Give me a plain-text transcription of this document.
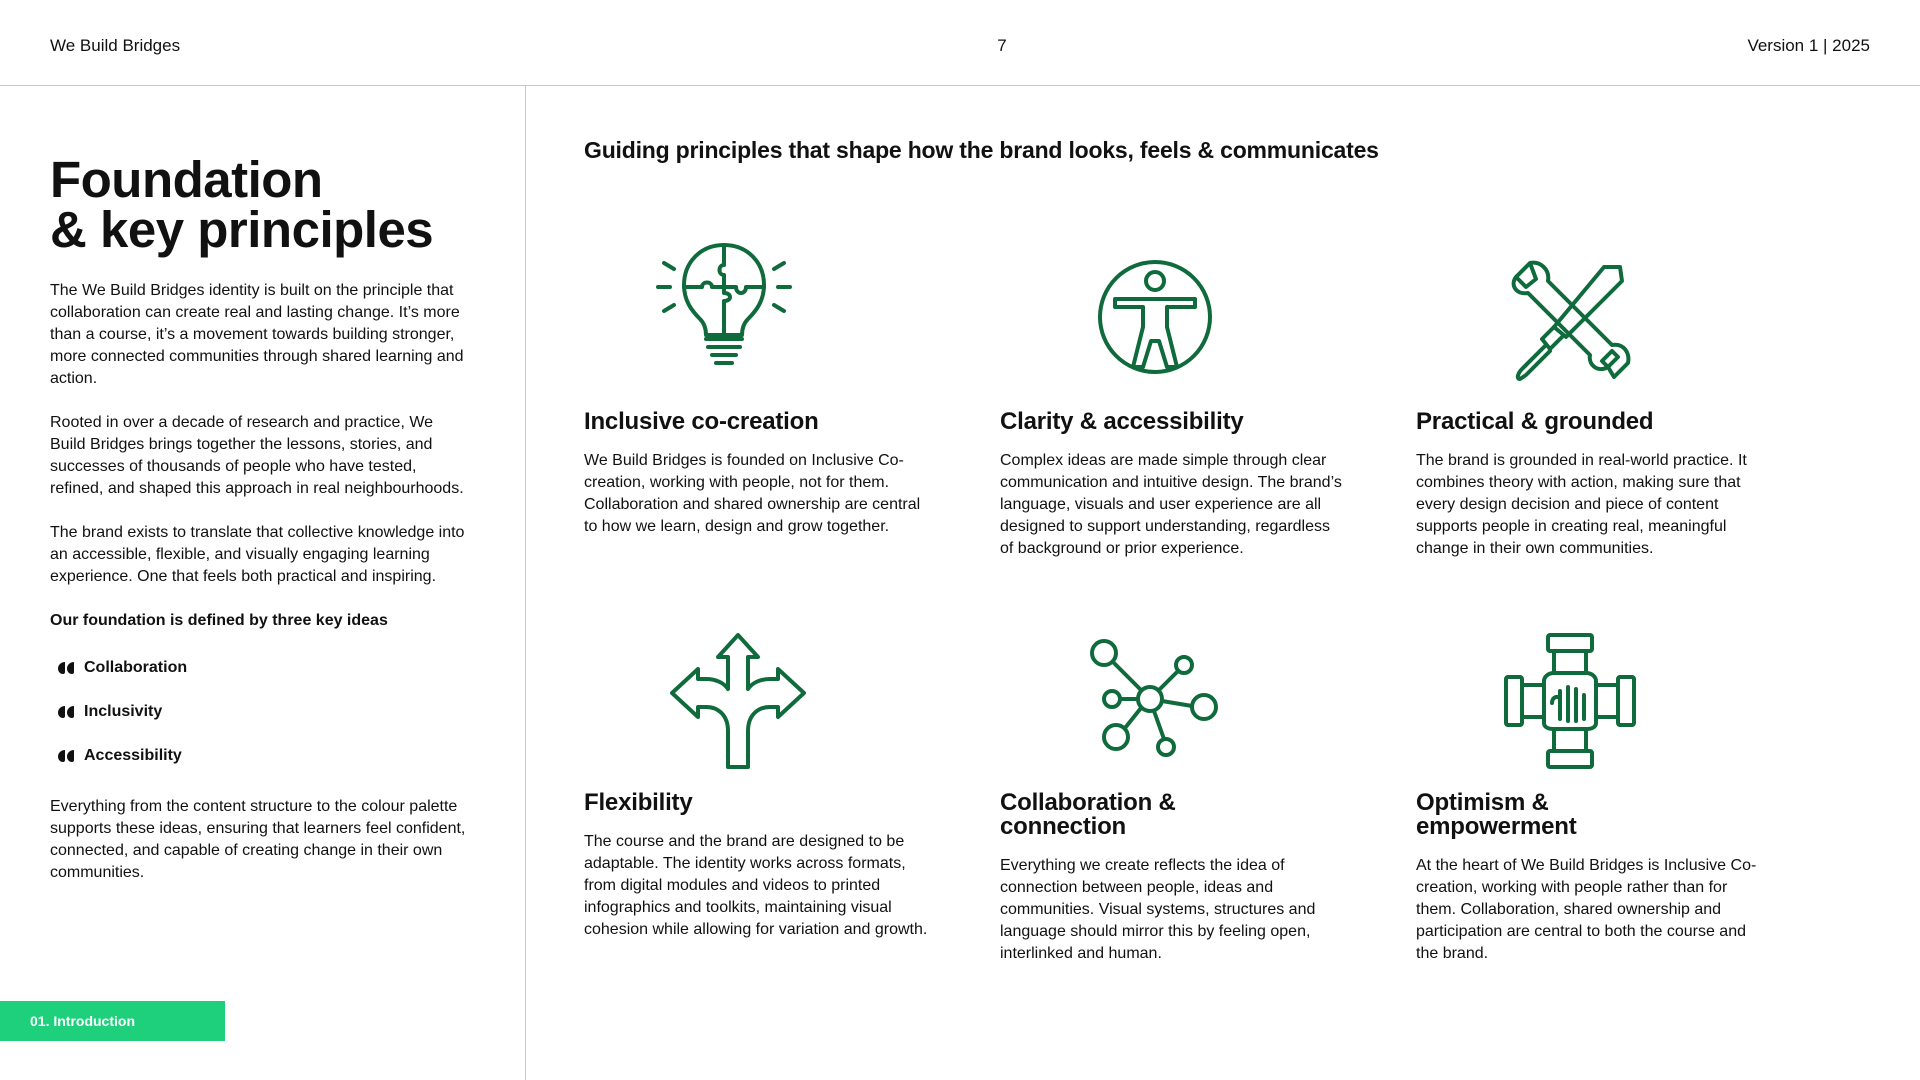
We Build Bridges	7	Version 1 | 2025
Foundation
& key principles

The We Build Bridges identity is built on the principle that collaboration can create real and lasting change. It’s more than a course, it’s a movement towards building stronger, more connected communities through shared learning and action.

Rooted in over a decade of research and practice, We Build Bridges brings together the lessons, stories, and successes of thousands of people who have tested, refined, and shaped this approach in real neighbourhoods.

The brand exists to translate that collective knowledge into an accessible, flexible, and visually engaging learning experience. One that feels both practical and inspiring.

Our foundation is defined by three key ideas

Collaboration
Inclusivity
Accessibility

Everything from the content structure to the colour palette supports these ideas, ensuring that learners feel confident, connected, and capable of creating change in their own communities.

01. Introduction
Guiding principles that shape how the brand looks, feels & communicates
Inclusive co-creation

We Build Bridges is founded on Inclusive Co-creation, working with people, not for them. Collaboration and shared ownership are central to how we learn, design and grow together.

Clarity & accessibility

Complex ideas are made simple through clear communication and intuitive design. The brand’s language, visuals and user experience are all designed to support understanding, regardless of background or prior experience.

Practical & grounded

The brand is grounded in real-world practice. It combines theory with action, making sure that every design decision and piece of content supports people in creating real, meaningful change in their own communities.

Flexibility

The course and the brand are designed to be adaptable. The identity works across formats, from digital modules and videos to printed infographics and toolkits, maintaining visual cohesion while allowing for variation and growth.

Collaboration &
connection

Everything we create reflects the idea of connection between people, ideas and communities. Visual systems, structures and language should mirror this by feeling open, interlinked and human.

Optimism &
empowerment

At the heart of We Build Bridges is Inclusive Co-creation, working with people rather than for them. Collaboration, shared ownership and participation are central to both the course and the brand.
